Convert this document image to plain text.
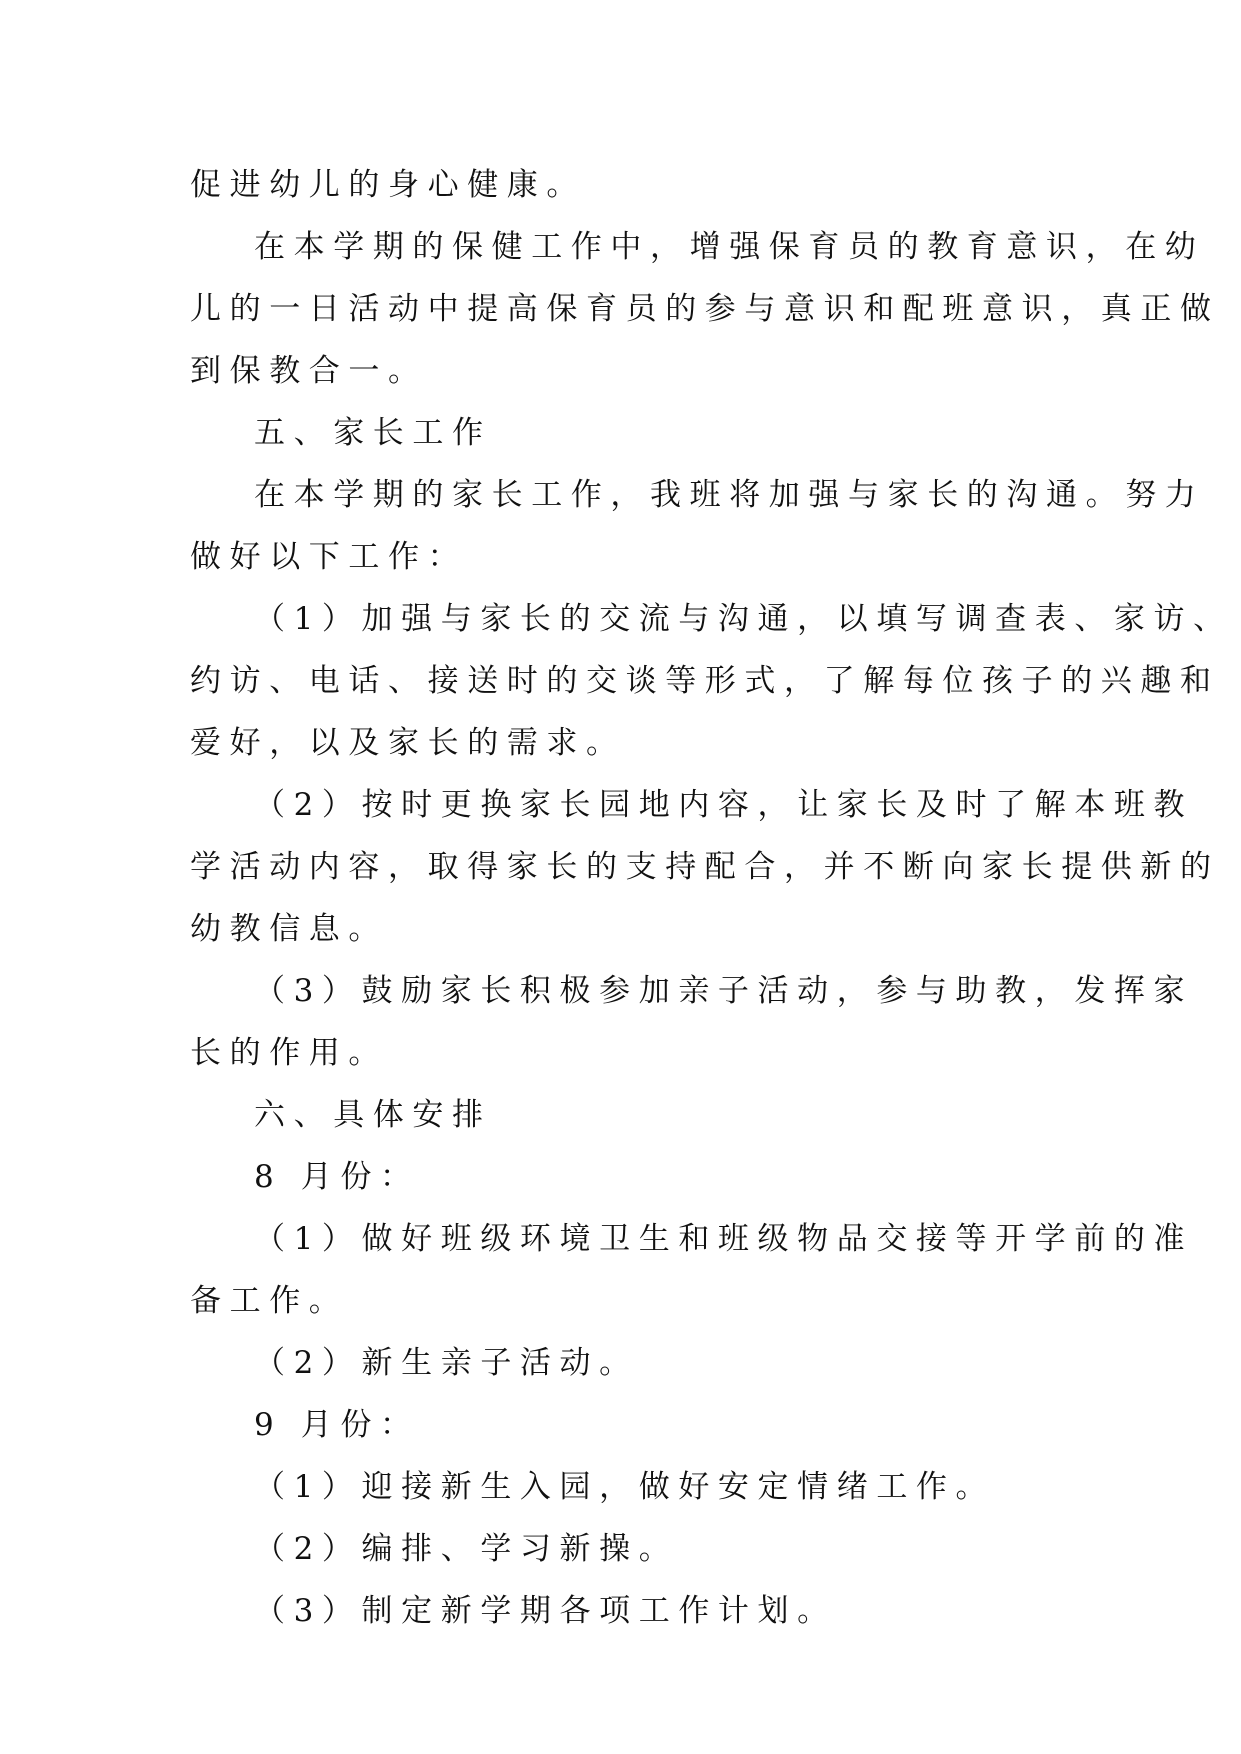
促进幼儿的身心健康。
在本学期的保健工作中，增强保育员的教育意识，在幼
儿的一日活动中提高保育员的参与意识和配班意识，真正做
到保教合一。
五、家长工作
在本学期的家长工作，我班将加强与家长的沟通。努力
做好以下工作：
（1）加强与家长的交流与沟通，以填写调查表、家访、
约访、电话、接送时的交谈等形式，了解每位孩子的兴趣和
爱好，以及家长的需求。
（2）按时更换家长园地内容，让家长及时了解本班教
学活动内容，取得家长的支持配合，并不断向家长提供新的
幼教信息。
（3）鼓励家长积极参加亲子活动，参与助教，发挥家
长的作用。
六、具体安排
8 月份：
（1）做好班级环境卫生和班级物品交接等开学前的准
备工作。
（2）新生亲子活动。
9 月份：
（1）迎接新生入园，做好安定情绪工作。
（2）编排、学习新操。
（3）制定新学期各项工作计划。
